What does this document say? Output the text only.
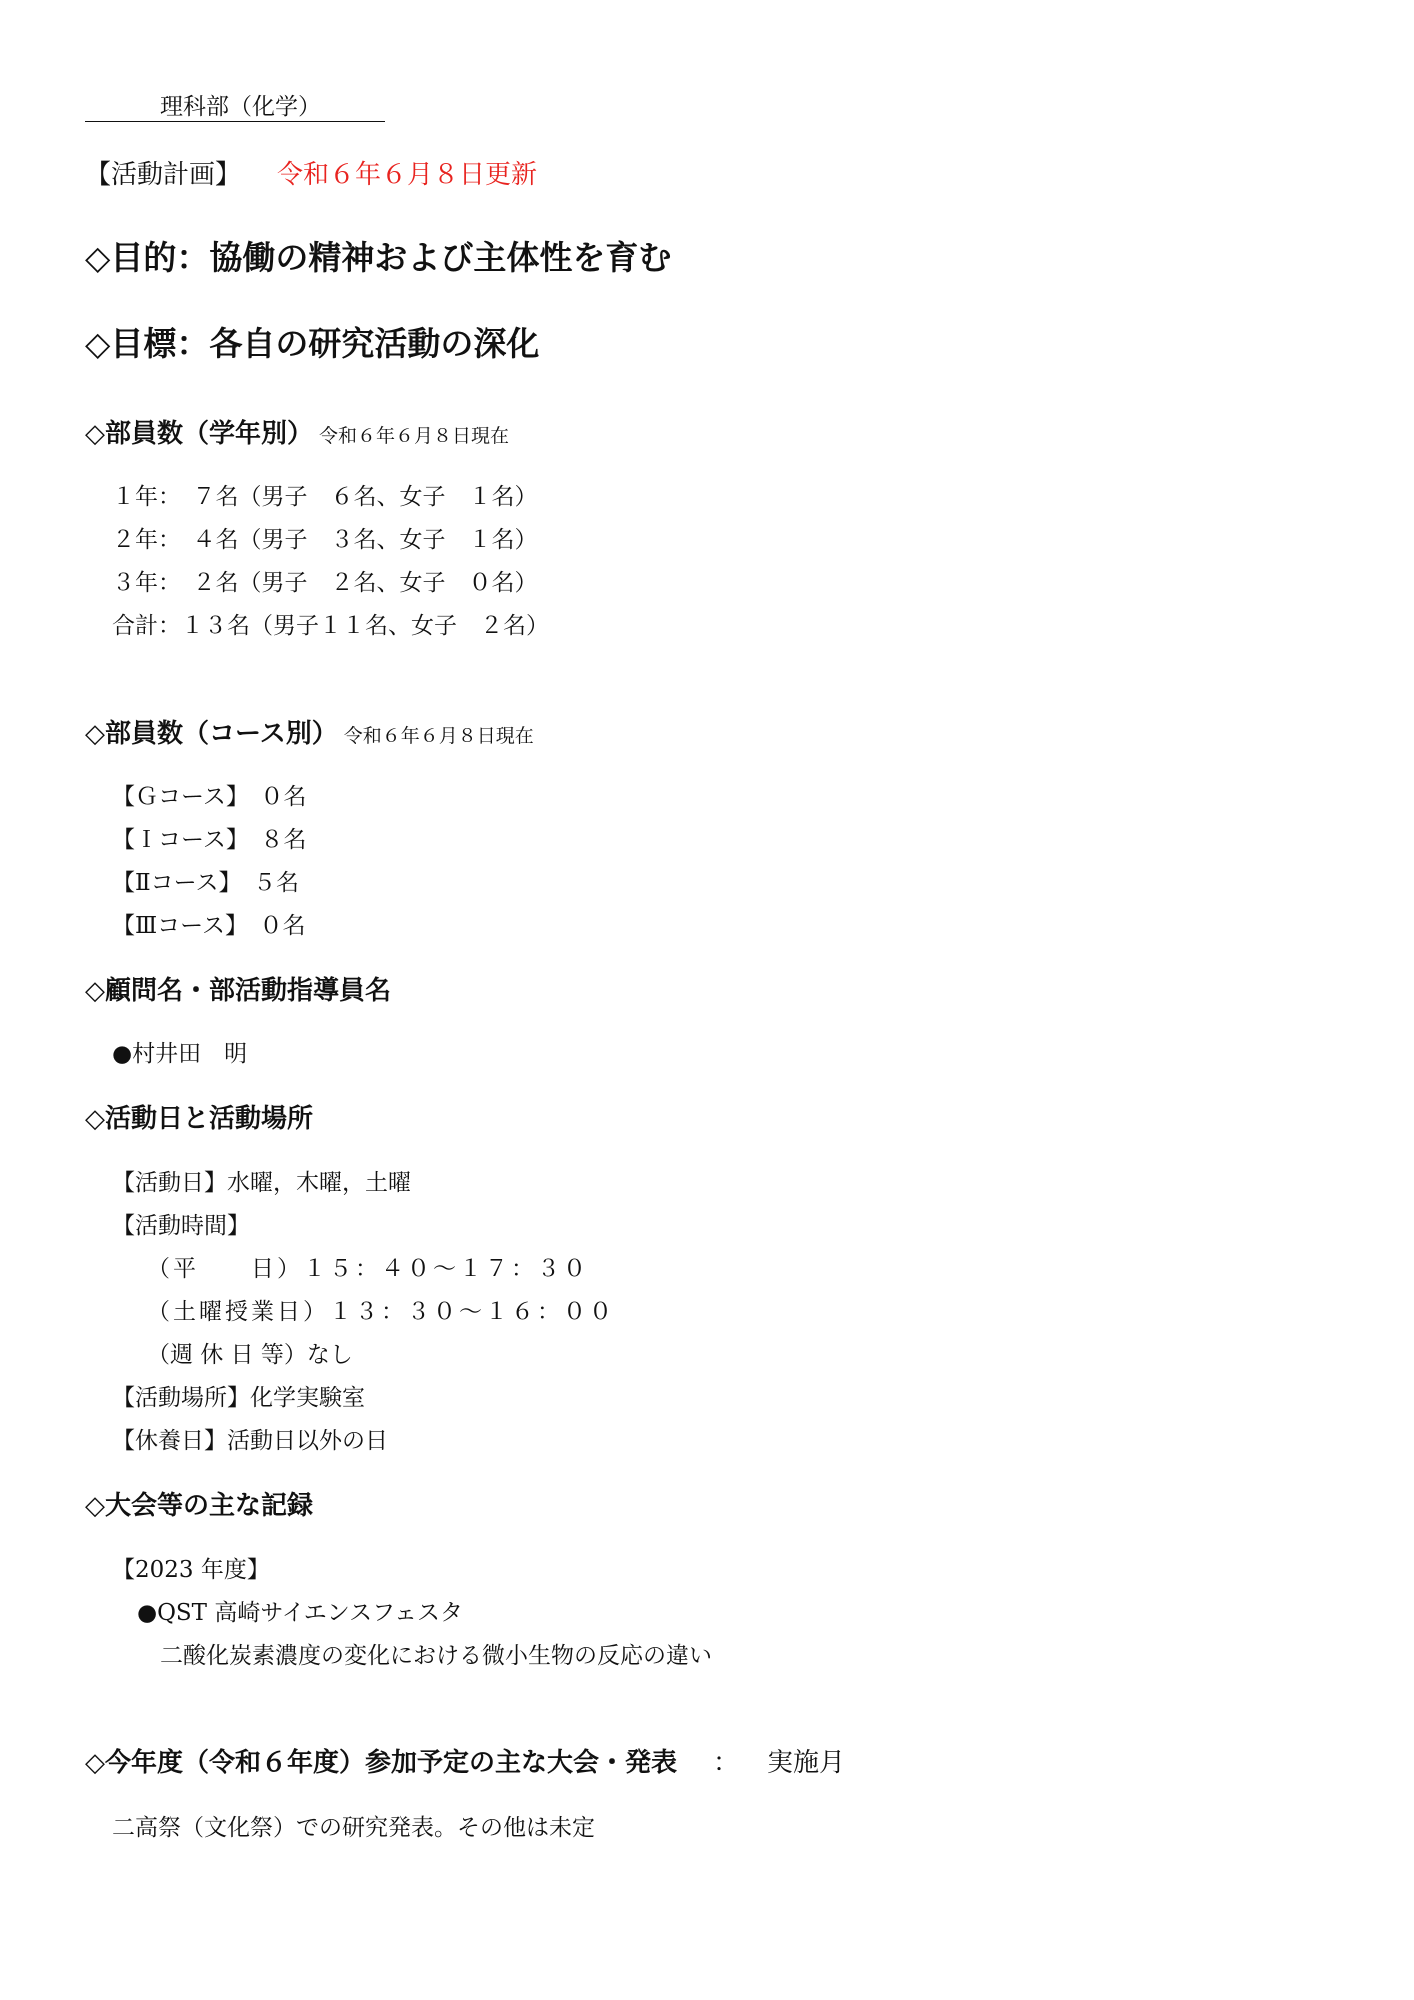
理科部（化学）
【活動計画】 令和６年６月８日更新
◇目的：協働の精神および主体性を育む
◇目標：各自の研究活動の深化
◇部員数（学年別） 令和６年６月８日現在
１年：　７名（男子　６名、女子　１名）
２年：　４名（男子　３名、女子　１名）
３年：　２名（男子　２名、女子　０名）
合計：１３名（男子１１名、女子　２名）
◇部員数（コース別） 令和６年６月８日現在
【Ｇコース】　０名
【Ｉコース】　８名
【Ⅱコース】　５名
【Ⅲコース】　０名
◇顧問名・部活動指導員名
●村井田　明
◇活動日と活動場所
【活動日】水曜，木曜，土曜
【活動時間】
（平　　日）１５：４０～１７：３０
（土曜授業日）１３：３０～１６：００
（週 休 日 等）なし
【活動場所】化学実験室
【休養日】活動日以外の日
◇大会等の主な記録
【2023 年度】
●QST 高崎サイエンスフェスタ
二酸化炭素濃度の変化における微小生物の反応の違い
◇今年度（令和６年度）参加予定の主な大会・発表 ： 実施月
二高祭（文化祭）での研究発表。その他は未定
